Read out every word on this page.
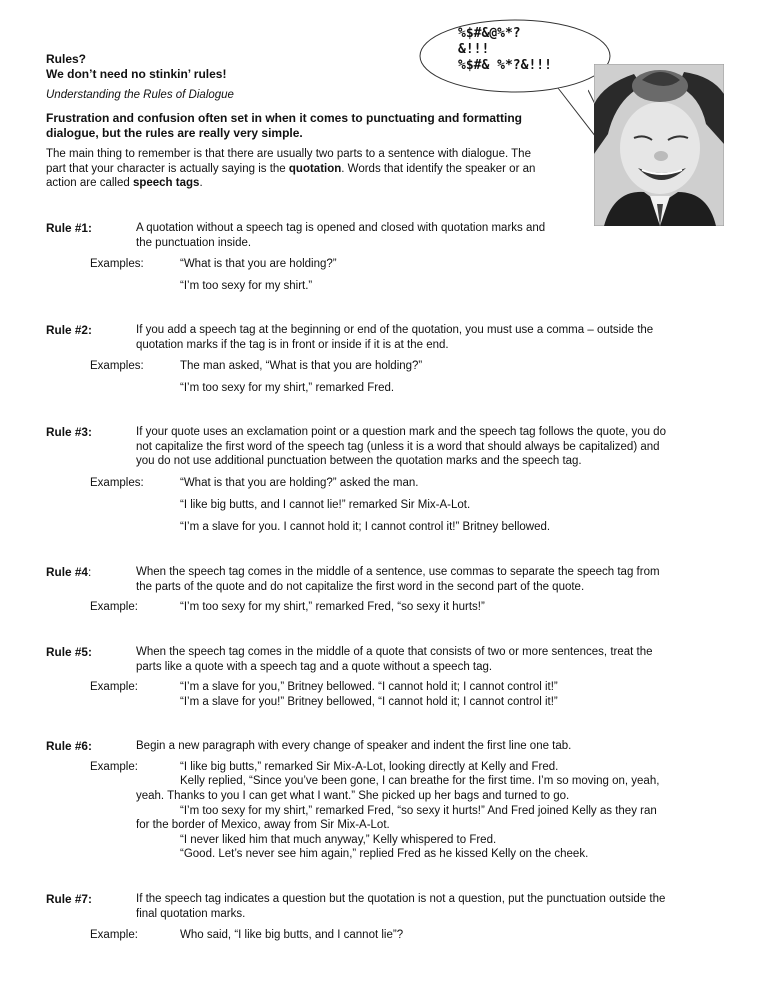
Rules?
We don’t need no stinkin’ rules!
Understanding the Rules of Dialogue
Frustration and confusion often set in when it comes to punctuating and formatting
dialogue, but the rules are really very simple.
The main thing to remember is that there are usually two parts to a sentence with dialogue. The
part that your character is actually saying is the quotation. Words that identify the speaker or an
action are called speech tags.
%$#&@%*?
&!!!
%$#& %*?&!!!
Rule #1:	A quotation without a speech tag is opened and closed with quotation marks and
the punctuation inside.
Examples:	“What is that you are holding?”
“I’m too sexy for my shirt.”
Rule #2:	If you add a speech tag at the beginning or end of the quotation, you must use a comma – outside the
quotation marks if the tag is in front or inside if it is at the end.
Examples:	The man asked, “What is that you are holding?”
“I’m too sexy for my shirt,” remarked Fred.
Rule #3:	If your quote uses an exclamation point or a question mark and the speech tag follows the quote, you do
not capitalize the first word of the speech tag (unless it is a word that should always be capitalized) and
you do not use additional punctuation between the quotation marks and the speech tag.
Examples:	“What is that you are holding?” asked the man.
“I like big butts, and I cannot lie!” remarked Sir Mix-A-Lot.
“I’m a slave for you. I cannot hold it; I cannot control it!” Britney bellowed.
Rule #4:	When the speech tag comes in the middle of a sentence, use commas to separate the speech tag from
the parts of the quote and do not capitalize the first word in the second part of the quote.
Example:	“I’m too sexy for my shirt,” remarked Fred, “so sexy it hurts!”
Rule #5:	When the speech tag comes in the middle of a quote that consists of two or more sentences, treat the
parts like a quote with a speech tag and a quote without a speech tag.
Example:	“I’m a slave for you,” Britney bellowed. “I cannot hold it; I cannot control it!”
“I’m a slave for you!” Britney bellowed, “I cannot hold it; I cannot control it!”
Rule #6:	Begin a new paragraph with every change of speaker and indent the first line one tab.
Example:	“I like big butts,” remarked Sir Mix-A-Lot, looking directly at Kelly and Fred.
Kelly replied, “Since you’ve been gone, I can breathe for the first time. I’m so moving on, yeah,
yeah. Thanks to you I can get what I want.” She picked up her bags and turned to go.
“I’m too sexy for my shirt,” remarked Fred, “so sexy it hurts!” And Fred joined Kelly as they ran
for the border of Mexico, away from Sir Mix-A-Lot.
“I never liked him that much anyway,” Kelly whispered to Fred.
“Good. Let’s never see him again,” replied Fred as he kissed Kelly on the cheek.
Rule #7:	If the speech tag indicates a question but the quotation is not a question, put the punctuation outside the
final quotation marks.
Example:	Who said, “I like big butts, and I cannot lie”?
